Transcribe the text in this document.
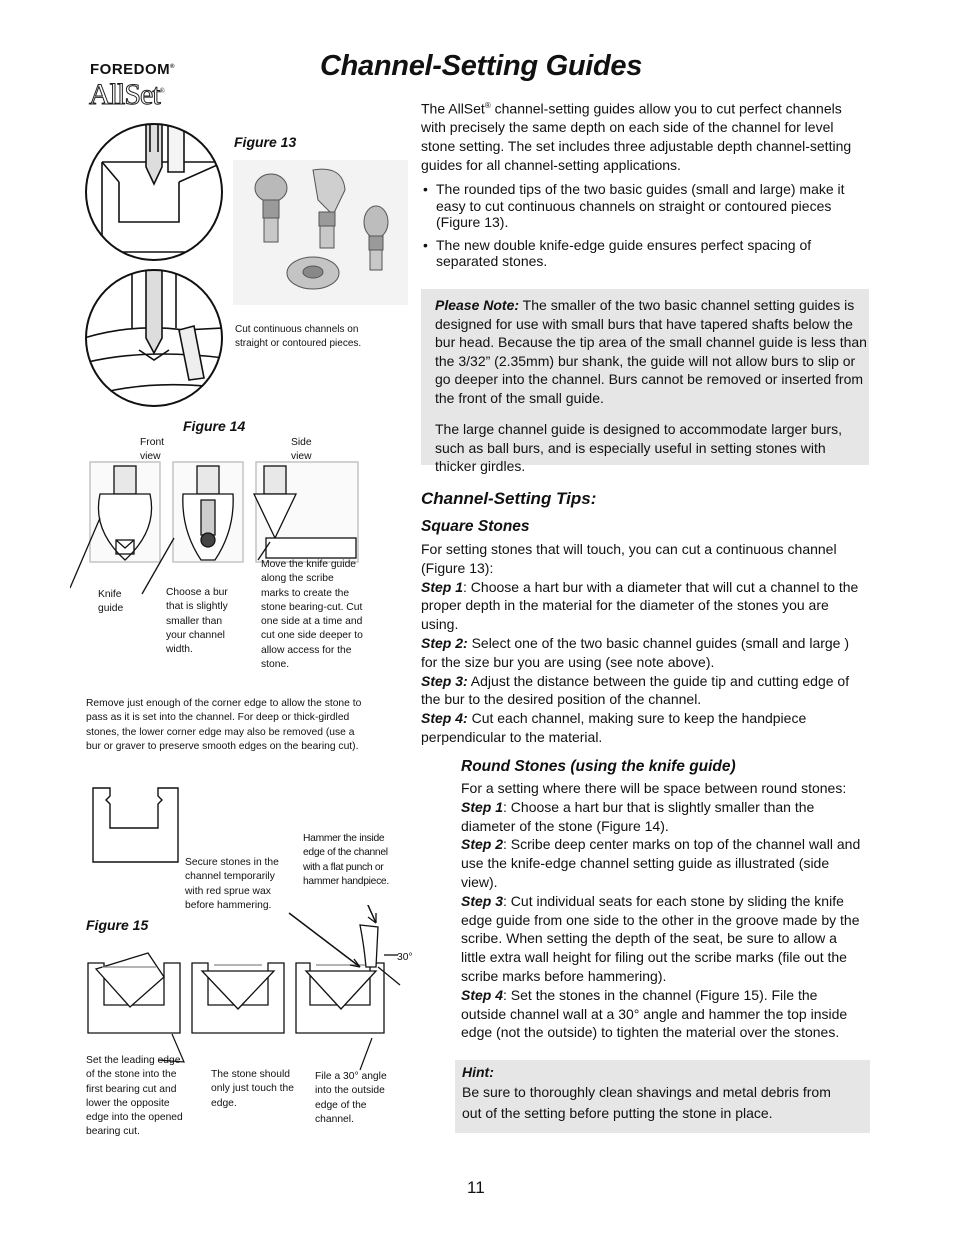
FOREDOM®
AllSet®
Channel-Setting Guides
The AllSet® channel-setting guides allow you to cut perfect channels with precisely the same depth on each side of the channel for level stone setting. The set includes three adjustable depth channel-setting guides for all channel-setting applications.
• The rounded tips of the two basic guides (small and large) make it easy to cut continuous channels on straight or contoured pieces (Figure 13).
• The new double knife-edge guide ensures perfect spacing of separated stones.
Please Note: The smaller of the two basic channel setting guides is designed for use with small burs that have tapered shafts below the bur head. Because the tip area of the small channel guide is less than the 3/32” (2.35mm) bur shank, the guide will not allow burs to slip or go deeper into the channel. Burs cannot be removed or inserted from the front of the small guide.
The large channel guide is designed to accommodate larger burs, such as ball burs, and is especially useful in setting stones with thicker girdles.
Channel-Setting Tips:
Square Stones
For setting stones that will touch, you can cut a continuous channel (Figure 13):
Step 1: Choose a hart bur with a diameter that will cut a channel to the proper depth in the material for the diameter of the stones you are using.
Step 2: Select one of the two basic channel guides (small and large ) for the size bur you are using (see note above).
Step 3: Adjust the distance between the guide tip and cutting edge of the bur to the desired position of the channel.
Step 4: Cut each channel, making sure to keep the handpiece perpendicular to the material.
Round Stones (using the knife guide)
For a setting where there will be space between round stones:
Step 1: Choose a hart bur that is slightly smaller than the diameter of the stone (Figure 14).
Step 2: Scribe deep center marks on top of the channel wall and use the knife-edge channel setting guide as illustrated (side view).
Step 3: Cut individual seats for each stone by sliding the knife edge guide from one side to the other in the groove made by the scribe. When setting the depth of the seat, be sure to allow a little extra wall height for filing out the scribe marks (file out the scribe marks before hammering).
Step 4: Set the stones in the channel (Figure 15). File the outside channel wall at a 30° angle and hammer the top inside edge (not the outside) to tighten the material over the stones.
Hint:
Be sure to thoroughly clean shavings and metal debris from out of the setting before putting the stone in place.
Figure 13
Cut continuous channels on straight or contoured pieces.
Figure 14
Front view
Side view
Knife guide
Choose a bur that is slightly smaller than your channel width.
Move the knife guide along the scribe marks to create the stone bearing-cut. Cut one side at a time and cut one side deeper to allow access for the stone.
Remove just enough of the corner edge to allow the stone to pass as it is set into the channel. For deep or thick-girdled stones, the lower corner edge may also be removed (use a bur or graver to preserve smooth edges on the bearing cut).
Secure stones in the channel temporarily with red sprue wax before hammering.
Hammer the inside edge of the channel with a flat punch or hammer handpiece.
Figure 15
30°
Set the leading edge of the stone into the first bearing cut and lower the opposite edge into the opened bearing cut.
The stone should only just touch the edge.
File a 30° angle into the outside edge of the channel.
11
